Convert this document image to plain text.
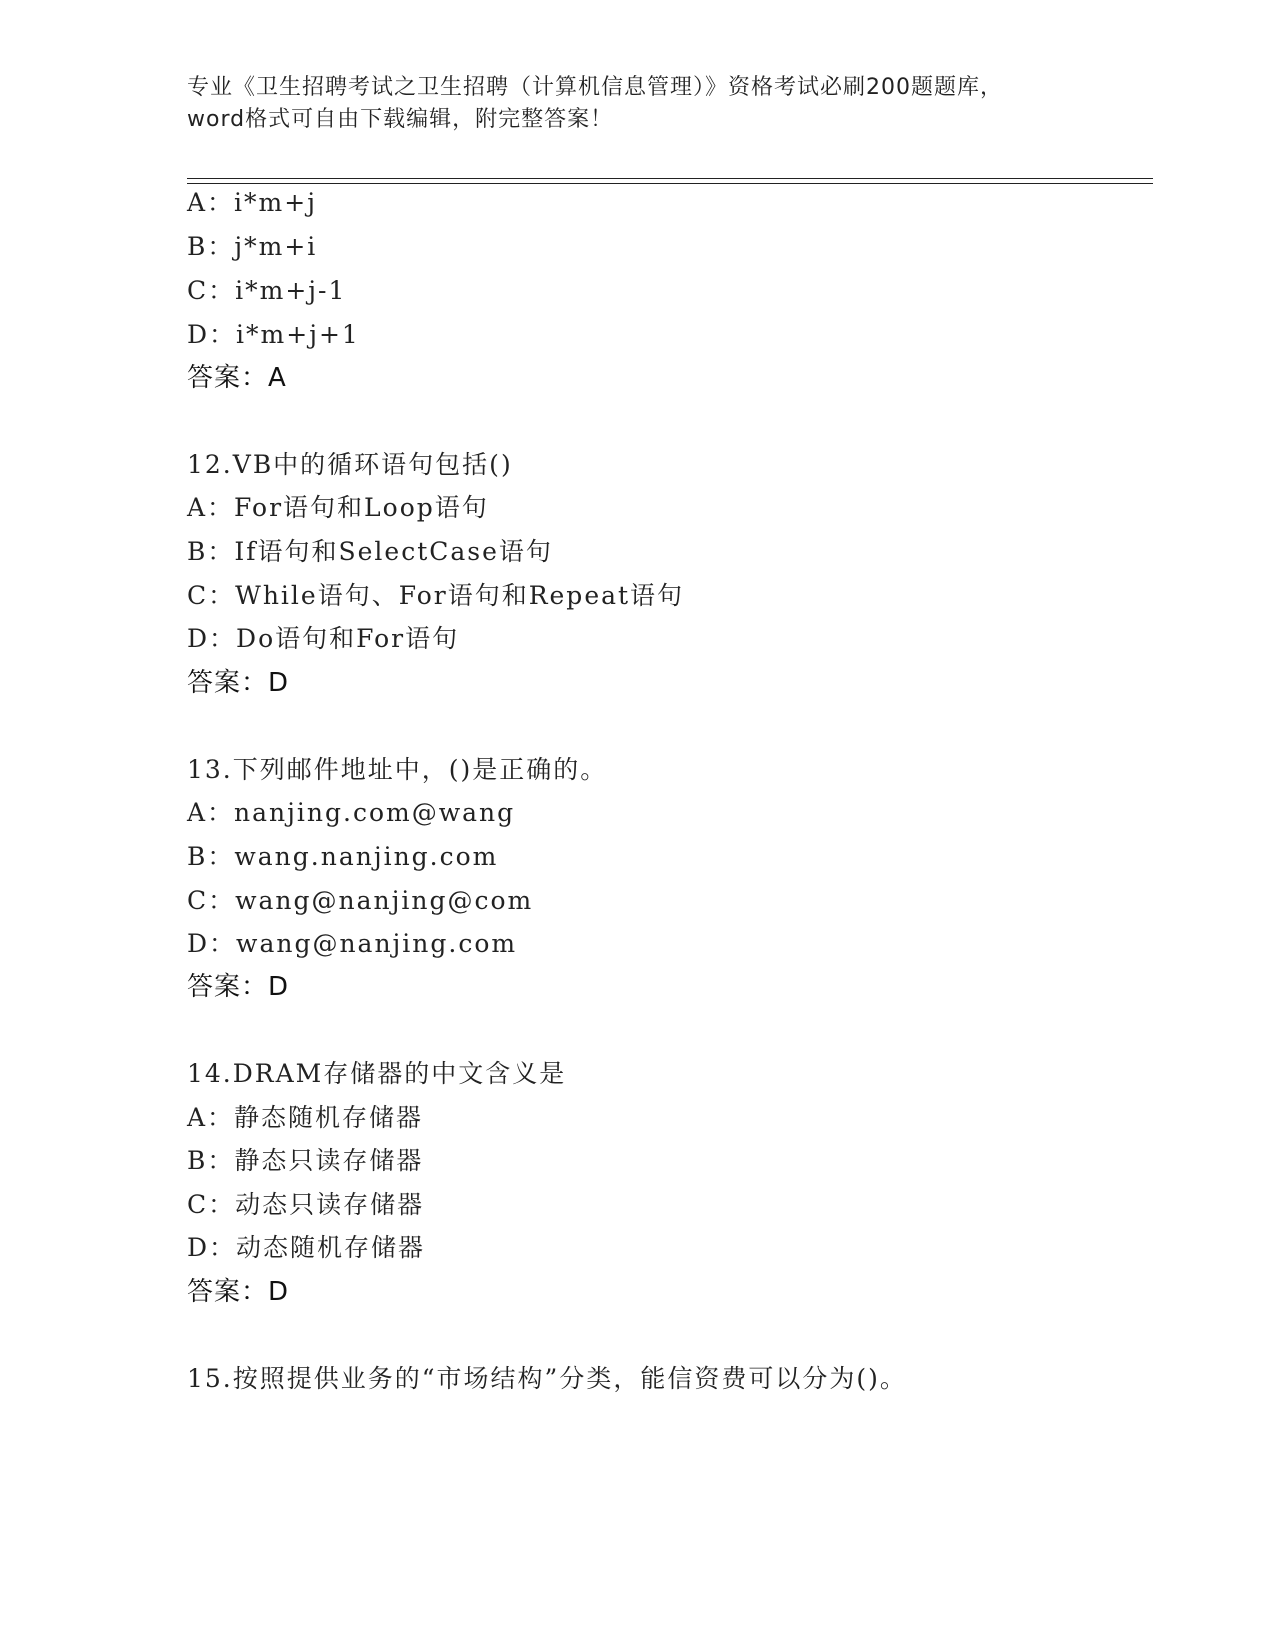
专业《卫生招聘考试之卫生招聘（计算机信息管理）》资格考试必刷200题题库，
word格式可自由下载编辑，附完整答案！
A：i*m+j
B：j*m+i
C：i*m+j-1
D：i*m+j+1
答案：A
12.VB中的循环语句包括()
A：For语句和Loop语句
B：If语句和SelectCase语句
C：While语句、For语句和Repeat语句
D：Do语句和For语句
答案：D
13.下列邮件地址中，()是正确的。
A：nanjing.com@wang
B：wang.nanjing.com
C：wang@nanjing@com
D：wang@nanjing.com
答案：D
14.DRAM存储器的中文含义是
A：静态随机存储器
B：静态只读存储器
C：动态只读存储器
D：动态随机存储器
答案：D
15.按照提供业务的“市场结构”分类，能信资费可以分为()。
